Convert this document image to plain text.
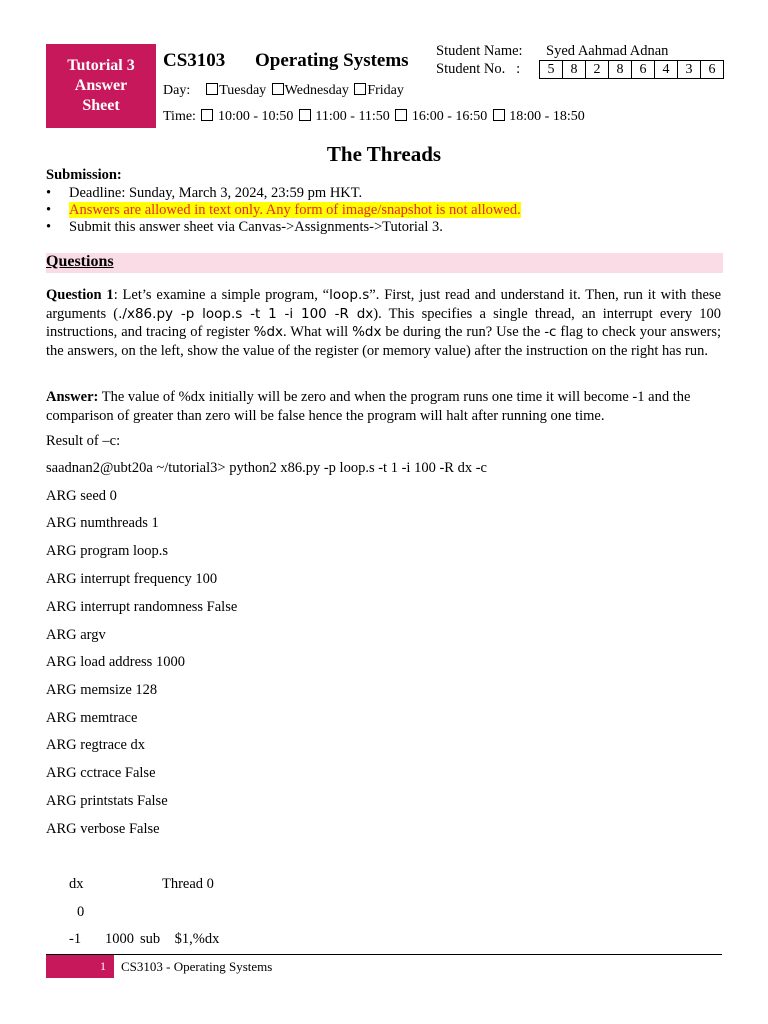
Tutorial 3
Answer
Sheet
CS3103 Operating Systems Student Name: Syed Aahmad Adnan
Student No.   :	5	8	2	8	6	4	3	6
Day: Tuesday Wednesday Friday
Time: 10:00 - 10:50 11:00 - 11:50 16:00 - 16:50 18:00 - 18:50
The Threads
Submission:
• Deadline: Sunday, March 3, 2024, 23:59 pm HKT.
• Answers are allowed in text only. Any form of image/snapshot is not allowed.
• Submit this answer sheet via Canvas->Assignments->Tutorial 3.
Questions
Question 1: Let’s examine a simple program, “loop.s”. First, just read and understand it. Then, run it with these arguments (./x86.py -p loop.s -t 1 -i 100 -R dx). This specifies a single thread, an interrupt every 100 instructions, and tracing of register %dx. What will %dx be during the run? Use the -c flag to check your answers; the answers, on the left, show the value of the register (or memory value) after the instruction on the right has run.
Answer: The value of %dx initially will be zero and when the program runs one time it will become -1 and the comparison of greater than zero will be false hence the program will halt after running one time.
Result of –c:
saadnan2@ubt20a ~/tutorial3> python2 x86.py -p loop.s -t 1 -i 100 -R dx -c
ARG seed 0
ARG numthreads 1
ARG program loop.s
ARG interrupt frequency 100
ARG interrupt randomness False
ARG argv
ARG load address 1000
ARG memsize 128
ARG memtrace
ARG regtrace dx
ARG cctrace False
ARG printstats False
ARG verbose False
dx	Thread 0
0
-1 1000 sub    $1,%dx
1	CS3103 - Operating Systems
